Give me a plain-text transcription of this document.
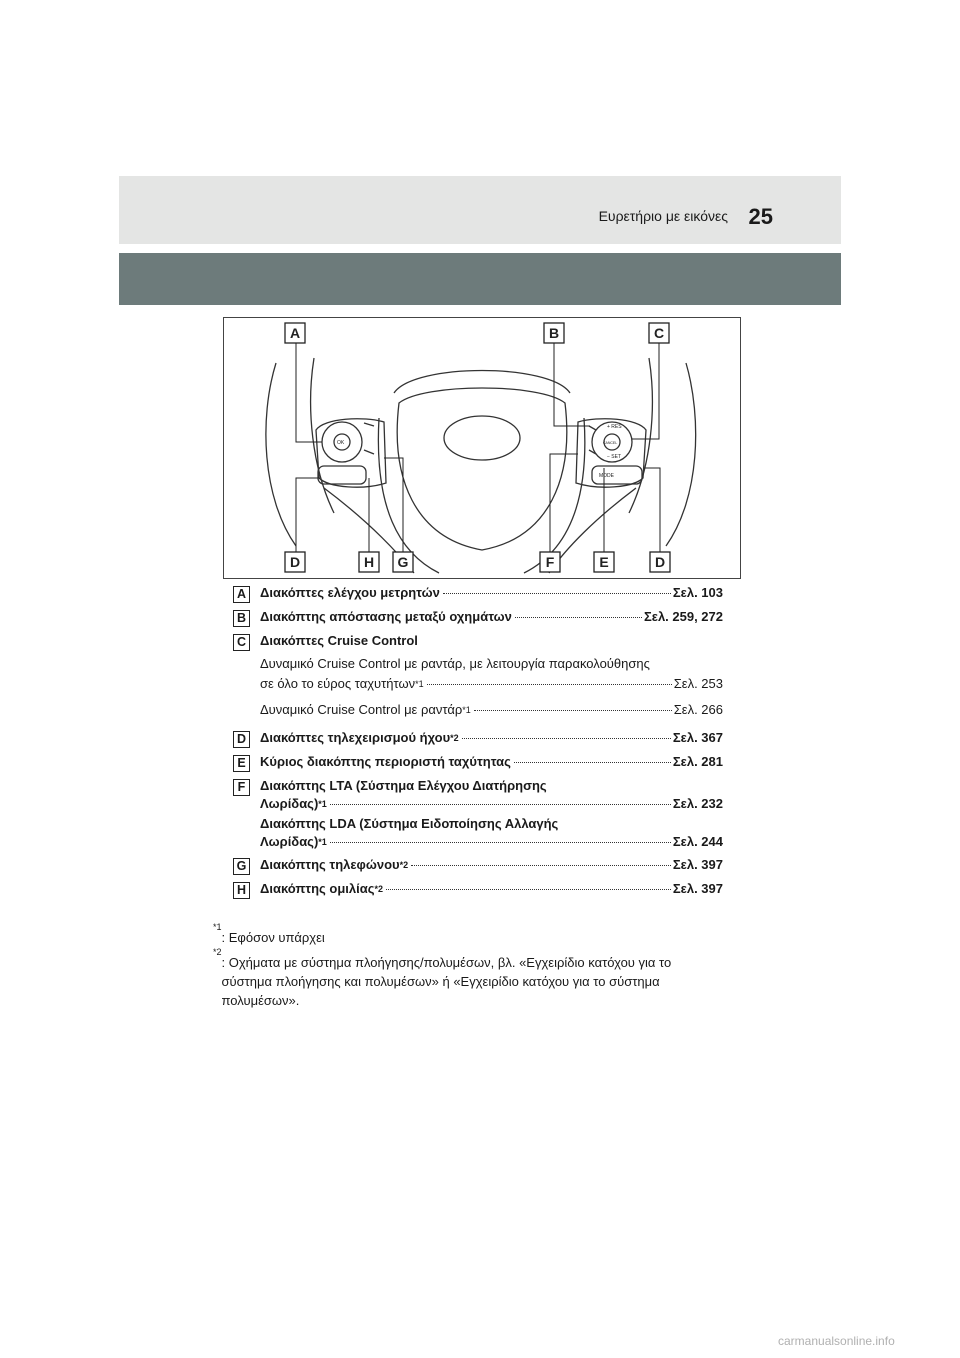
Ευρετήριο με εικόνες 25
OK
+ RES
− SET
MODE
CANCEL
A	B	C
D	H G	F	E	D
A	Διακόπτες ελέγχου μετρητών	Σελ. 103
B	Διακόπτης απόστασης μεταξύ οχημάτων	Σελ. 259, 272
C	Διακόπτες Cruise Control
Δυναμικό Cruise Control με ραντάρ, με λειτουργία παρακολούθησης
σε όλο το εύρος ταχυτήτων$^{*1}$	Σελ. 253
Δυναμικό Cruise Control με ραντάρ$^{*1}$	Σελ. 266
D	Διακόπτες τηλεχειρισμού ήχου$^{*2}$	Σελ. 367
E	Κύριος διακόπτης περιοριστή ταχύτητας	Σελ. 281
F	Διακόπτης LTA (Σύστημα Ελέγχου Διατήρησης
Λωρίδας)$^{*1}$	Σελ. 232
Διακόπτης LDA (Σύστημα Ειδοποίησης Αλλαγής
Λωρίδας)$^{*1}$	Σελ. 244
G Διακόπτης τηλεφώνου$^{*2}$	Σελ. 397
H	Διακόπτης ομιλίας$^{*2}$	Σελ. 397
$^{*1}$
: Εφόσον υπάρχει
$^{*2}$
: Οχήματα με σύστημα πλοήγησης/πολυμέσων, βλ. «Εγχειρίδιο κατόχου για το σύστημα πλοήγησης και πολυμέσων» ή «Εγχειρίδιο κατόχου για το σύστημα πολυμέσων».
carmanualsonline.info
